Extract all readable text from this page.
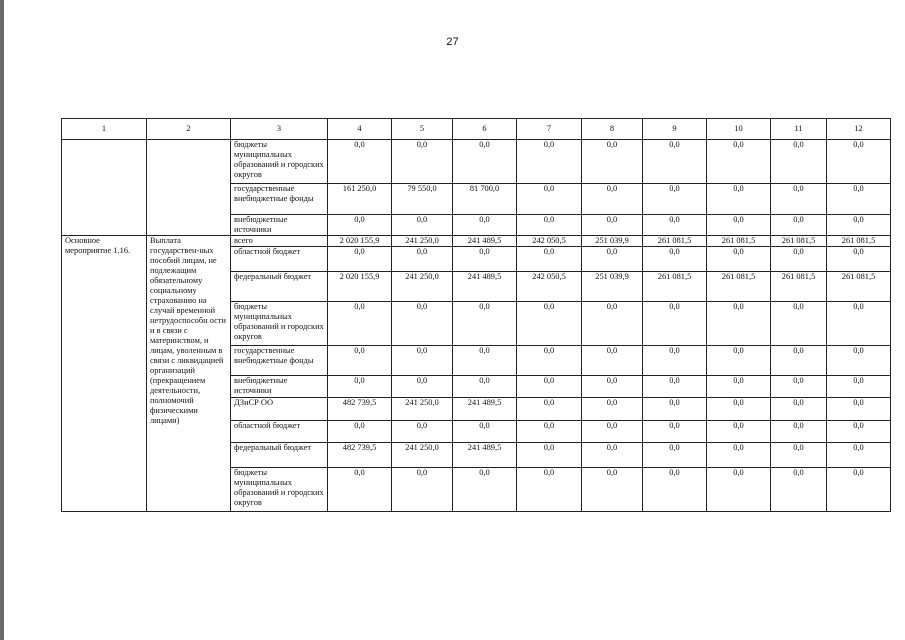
27
1	2	3	4	5	6	7	8	9	10	11	12
		бюджеты муниципальных образований и городских округов	0,0	0,0	0,0	0,0	0,0	0,0	0,0	0,0	0,0
		государственные внебюджетные фонды	161 250,0	79 550,0	81 700,0	0,0	0,0	0,0	0,0	0,0	0,0
		внебюджетные источники	0,0	0,0	0,0	0,0	0,0	0,0	0,0	0,0	0,0
Основное мероприятие 1.16.	Выплата государствен-ных пособий лицам, не подлежащим обязательному социальному страхованию на случай временной нетрудоспособн ости и в связи с материнством, и лицам, уволенным в связи с ликвидацией организаций (прекращением деятельности, полномочий физическими лицами)	всего	2 020 155,9	241 250,0	241 489,5	242 050,5	251 039,9	261 081,5	261 081,5	261 081,5	261 081,5
		областной бюджет	0,0	0,0	0,0	0,0	0,0	0,0	0,0	0,0	0,0
		федеральный бюджет	2 020 155,9	241 250,0	241 489,5	242 050,5	251 039,9	261 081,5	261 081,5	261 081,5	261 081,5
		бюджеты муниципальных образований и городских округов	0,0	0,0	0,0	0,0	0,0	0,0	0,0	0,0	0,0
		государственные внебюджетные фонды	0,0	0,0	0,0	0,0	0,0	0,0	0,0	0,0	0,0
		внебюджетные источники	0,0	0,0	0,0	0,0	0,0	0,0	0,0	0,0	0,0
		ДЗиСР ОО	482 739,5	241 250,0	241 489,5	0,0	0,0	0,0	0,0	0,0	0,0
		областной бюджет	0,0	0,0	0,0	0,0	0,0	0,0	0,0	0,0	0,0
		федеральный бюджет	482 739,5	241 250,0	241 489,5	0,0	0,0	0,0	0,0	0,0	0,0
		бюджеты муниципальных образований и городских округов	0,0	0,0	0,0	0,0	0,0	0,0	0,0	0,0	0,0
